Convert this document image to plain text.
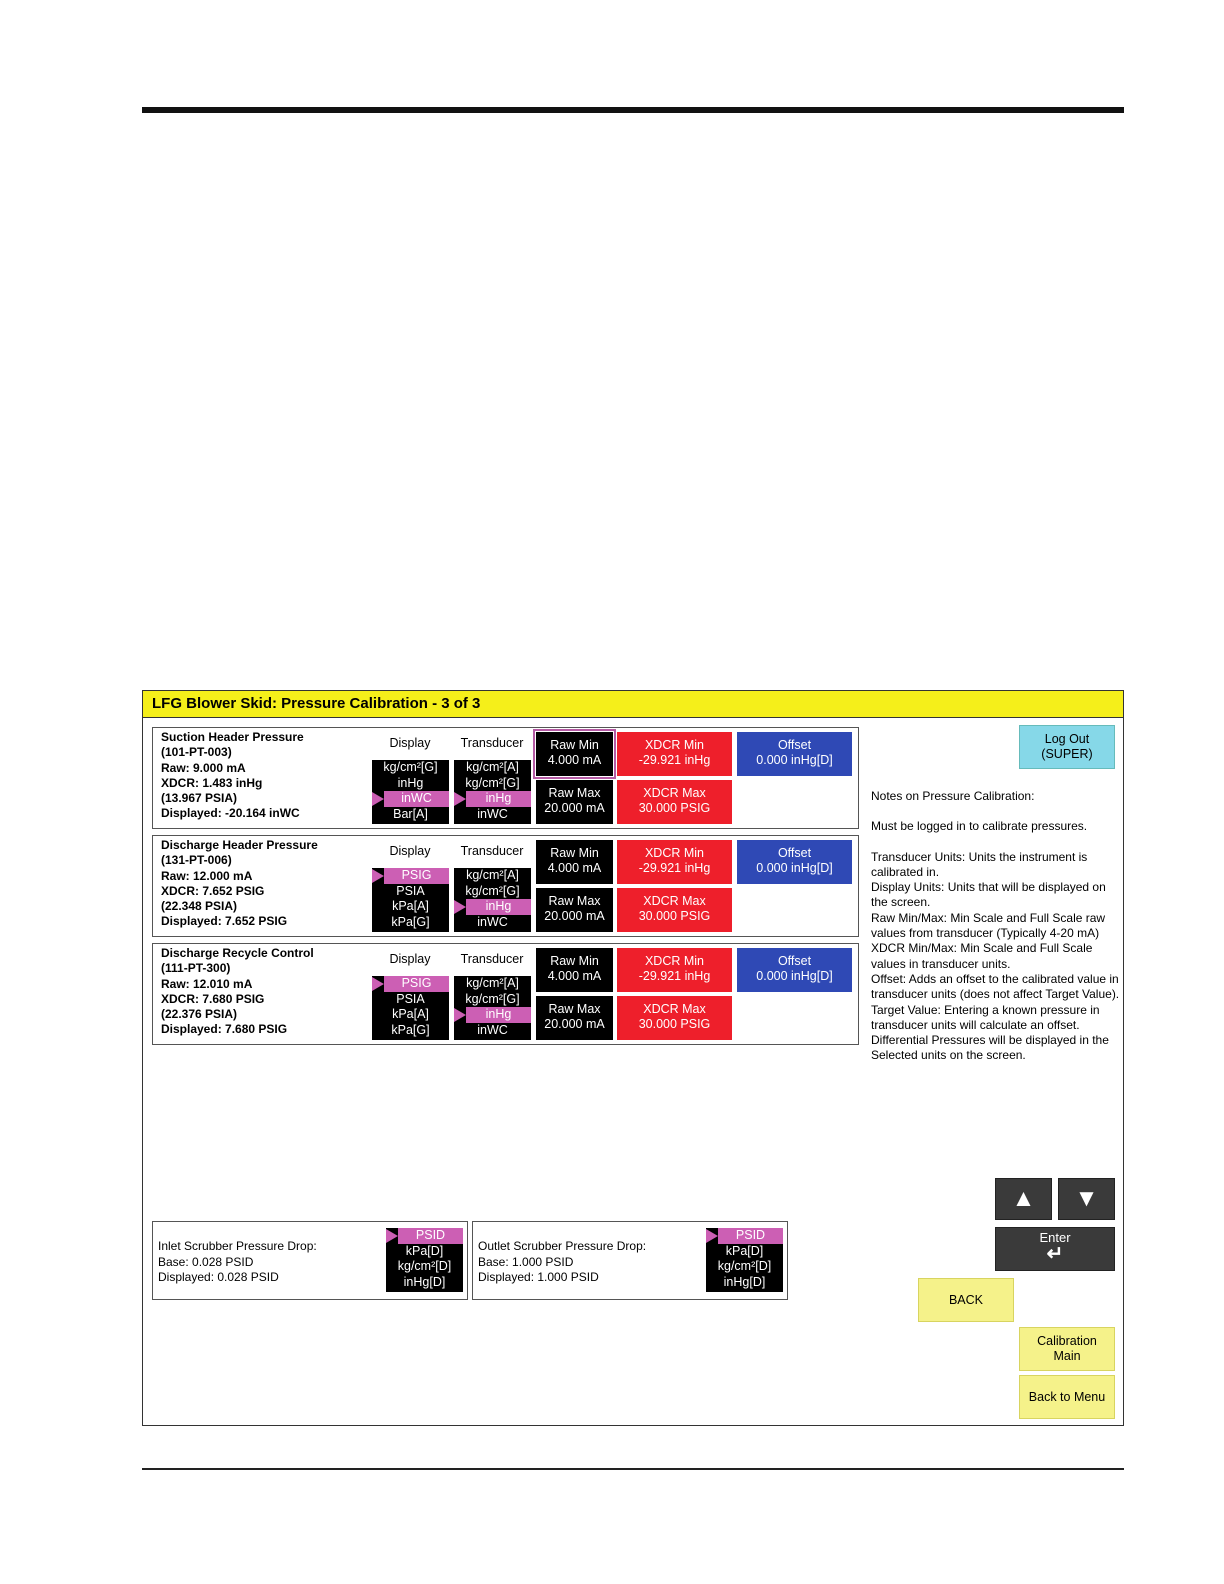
LFG Blower Skid: Pressure Calibration - 3 of 3
Suction Header Pressure
(101-PT-003)
Raw: 9.000 mA
XDCR: 1.483 inHg
(13.967 PSIA)
Displayed: -20.164 inWC
Display	Transducer
kg/cm²[G]
inHg
inWC
Bar[A]
kg/cm²[A]
kg/cm²[G]
inHg
inWC
Raw Min
4.000 mA
Raw Max
20.000 mA
XDCR Min
-29.921 inHg
XDCR Max
30.000 PSIG
Offset
0.000 inHg[D]
Discharge Header Pressure
(131-PT-006)
Raw: 12.000 mA
XDCR: 7.652 PSIG
(22.348 PSIA)
Displayed: 7.652 PSIG
Display	Transducer
PSIG
PSIA
kPa[A]
kPa[G]
kg/cm²[A]
kg/cm²[G]
inHg
inWC
Raw Min
4.000 mA
Raw Max
20.000 mA
XDCR Min
-29.921 inHg
XDCR Max
30.000 PSIG
Offset
0.000 inHg[D]
Discharge Recycle Control
(111-PT-300)
Raw: 12.010 mA
XDCR: 7.680 PSIG
(22.376 PSIA)
Displayed: 7.680 PSIG
Display	Transducer
PSIG
PSIA
kPa[A]
kPa[G]
kg/cm²[A]
kg/cm²[G]
inHg
inWC
Raw Min
4.000 mA
Raw Max
20.000 mA
XDCR Min
-29.921 inHg
XDCR Max
30.000 PSIG
Offset
0.000 inHg[D]
Log Out
(SUPER)

Notes on Pressure Calibration:

Must be logged in to calibrate pressures.

Transducer Units: Units the instrument is calibrated in.

Display Units: Units that will be displayed on the screen.

Raw Min/Max: Min Scale and Full Scale raw values from transducer (Typically 4-20 mA)

XDCR Min/Max: Min Scale and Full Scale values in transducer units.

Offset: Adds an offset to the calibrated value in transducer units (does not affect Target Value).

Target Value: Entering a known pressure in transducer units will calculate an offset.

Differential Pressures will be displayed in the Selected units on the screen.

Inlet Scrubber Pressure Drop:
Base: 0.028 PSID
Displayed: 0.028 PSID
PSID
kPa[D]
kg/cm²[D]
inHg[D]
Outlet Scrubber Pressure Drop:
Base: 1.000 PSID
Displayed: 1.000 PSID
PSID
kPa[D]
kg/cm²[D]
inHg[D]
▲	▼
Enter
↵
BACK
Calibration
Main
Back to Menu
